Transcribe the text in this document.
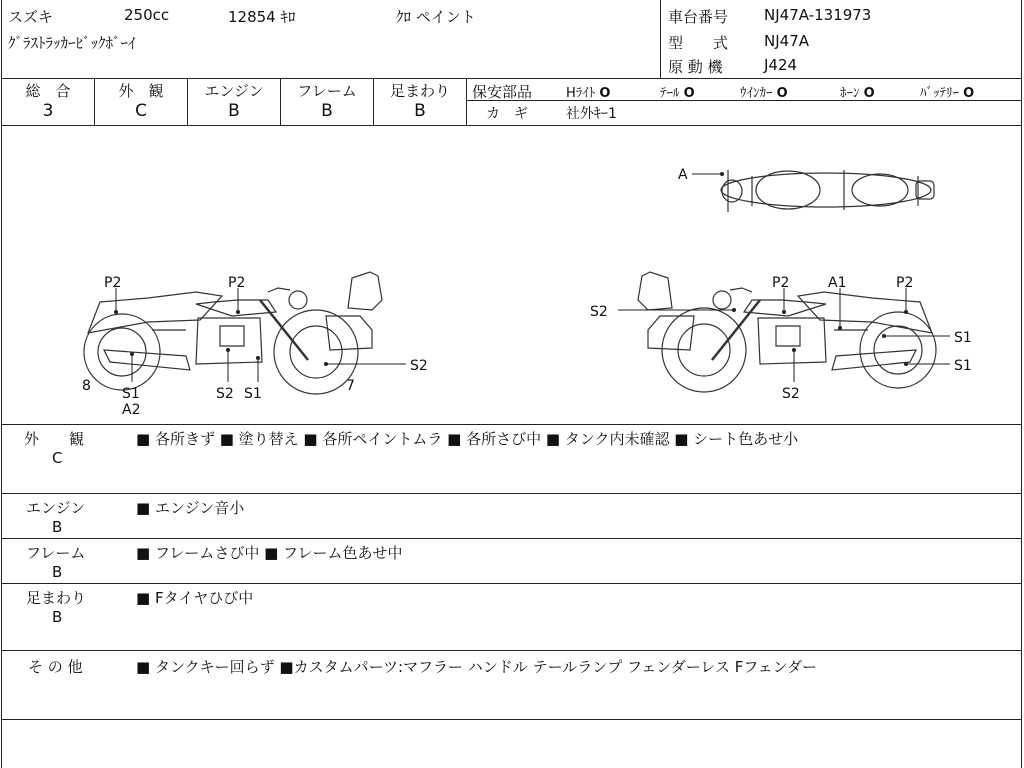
スズキ	250cc	12854 ｷﾛ	ｸﾛ ペイント
ｸﾞﾗｽﾄﾗｯｶｰﾋﾞｯｸﾎﾞｰｲ
車台番号 NJ47A-131973
型　　式 NJ47A
原 動 機	J424
総　合
3
外　観
C
エンジン
B
フレーム
B
足まわり
B
保安部品	Hﾗｲﾄ O	ﾃｰﾙ O	ｳｲﾝｶｰ O	ﾎｰﾝ O	ﾊﾞｯﾃﾘｰ O
カ　ギ	社外ｷｰ1
A
P2	P2
8 S1
A2
S2 S1	7
S2
S2
P2	A1	P2
S1
S1
S2
外　　観
C
■ 各所きず ■ 塗り替え ■ 各所ペイントムラ ■ 各所さび中 ■ タンク内未確認 ■ シート色あせ小
エンジン
B
■ エンジン音小
フレーム
B
■ フレームさび中 ■ フレーム色あせ中
足まわり
B
■ Fタイヤひび中
そ の 他	■ タンクキー回らず ■カスタムパーツ:マフラー ハンドル テールランプ フェンダーレス Fフェンダー
